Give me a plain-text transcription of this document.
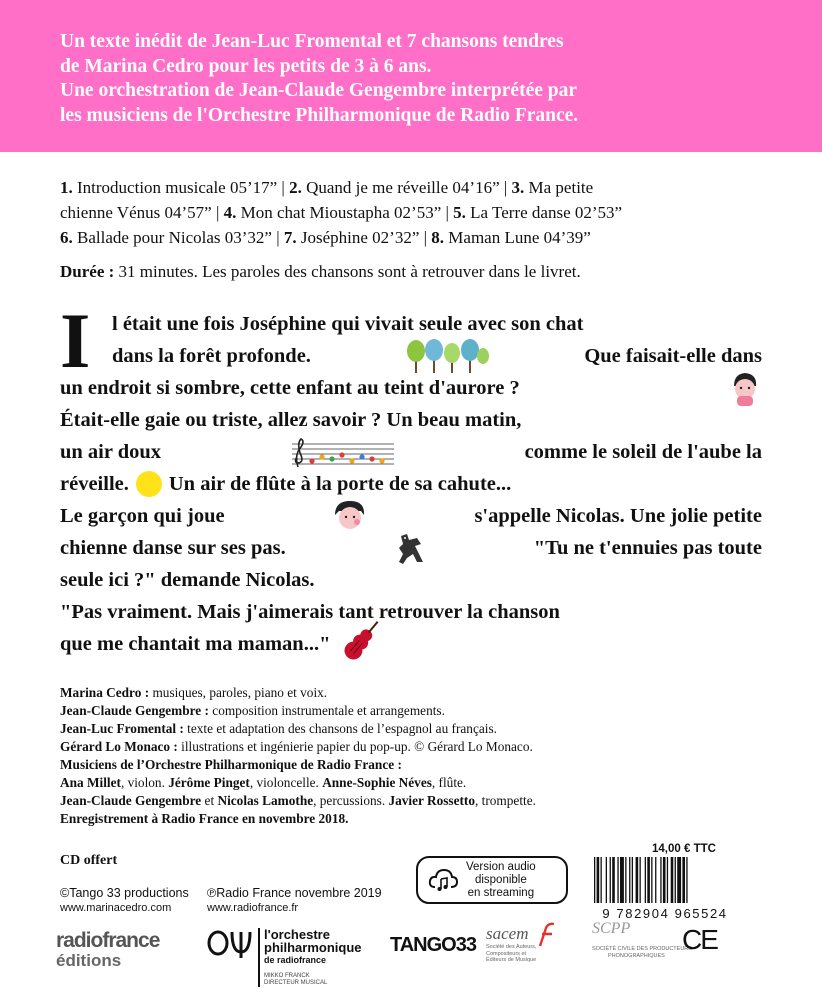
Un texte inédit de Jean-Luc Fromental et 7 chansons tendres
de Marina Cedro pour les petits de 3 à 6 ans.
Une orchestration de Jean-Claude Gengembre interprétée par
les musiciens de l'Orchestre Philharmonique de Radio France.
1. Introduction musicale 05’17” | 2. Quand je me réveille 04’16” | 3. Ma petite
chienne Vénus 04’57” | 4. Mon chat Mioustapha 02’53” | 5. La Terre danse 02’53”
6. Ballade pour Nicolas 03’32” | 7. Joséphine 02’32” | 8. Maman Lune 04’39”
Durée : 31 minutes. Les paroles des chansons sont à retrouver dans le livret.
I l était une fois Joséphine qui vivait seule avec son chat
dans la forêt profonde.	Que faisait-elle dans
un endroit si sombre, cette enfant au teint d'aurore ?
Était-elle gaie ou triste, allez savoir ? Un beau matin,
un air doux	comme le soleil de l'aube la
réveille. Un air de flûte à la porte de sa cahute...
Le garçon qui joue	s'appelle Nicolas. Une jolie petite
chienne danse sur ses pas.	"Tu ne t'ennuies pas toute
seule ici ?" demande Nicolas.
"Pas vraiment. Mais j'aimerais tant retrouver la chanson
que me chantait ma maman..."
Marina Cedro : musiques, paroles, piano et voix.
Jean-Claude Gengembre : composition instrumentale et arrangements.
Jean-Luc Fromental : texte et adaptation des chansons de l’espagnol au français.
Gérard Lo Monaco : illustrations et ingénierie papier du pop-up. © Gérard Lo Monaco.
Musiciens de l’Orchestre Philharmonique de Radio France :
Ana Millet, violon. Jérôme Pinget, violoncelle. Anne-Sophie Néves, flûte.
Jean-Claude Gengembre et Nicolas Lamothe, percussions. Javier Rossetto, trompette.
Enregistrement à Radio France en novembre 2018.
CD offert
©Tango 33 productions
www.marinacedro.com
℗Radio France novembre 2019
www.radiofrance.fr
Version audio
disponible
en streaming
14,00 € TTC
9 782904 965524
radiofrance
éditions
l'orchestre
philharmonique
de radiofrance
MIKKO FRANCK
DIRECTEUR MUSICAL
TANGO33
sacem
Société des Auteurs,
Compositeurs et
Éditeurs de Musique
SCPP
SOCIÉTÉ CIVILE DES PRODUCTEURS
PHONOGRAPHIQUES
CE
